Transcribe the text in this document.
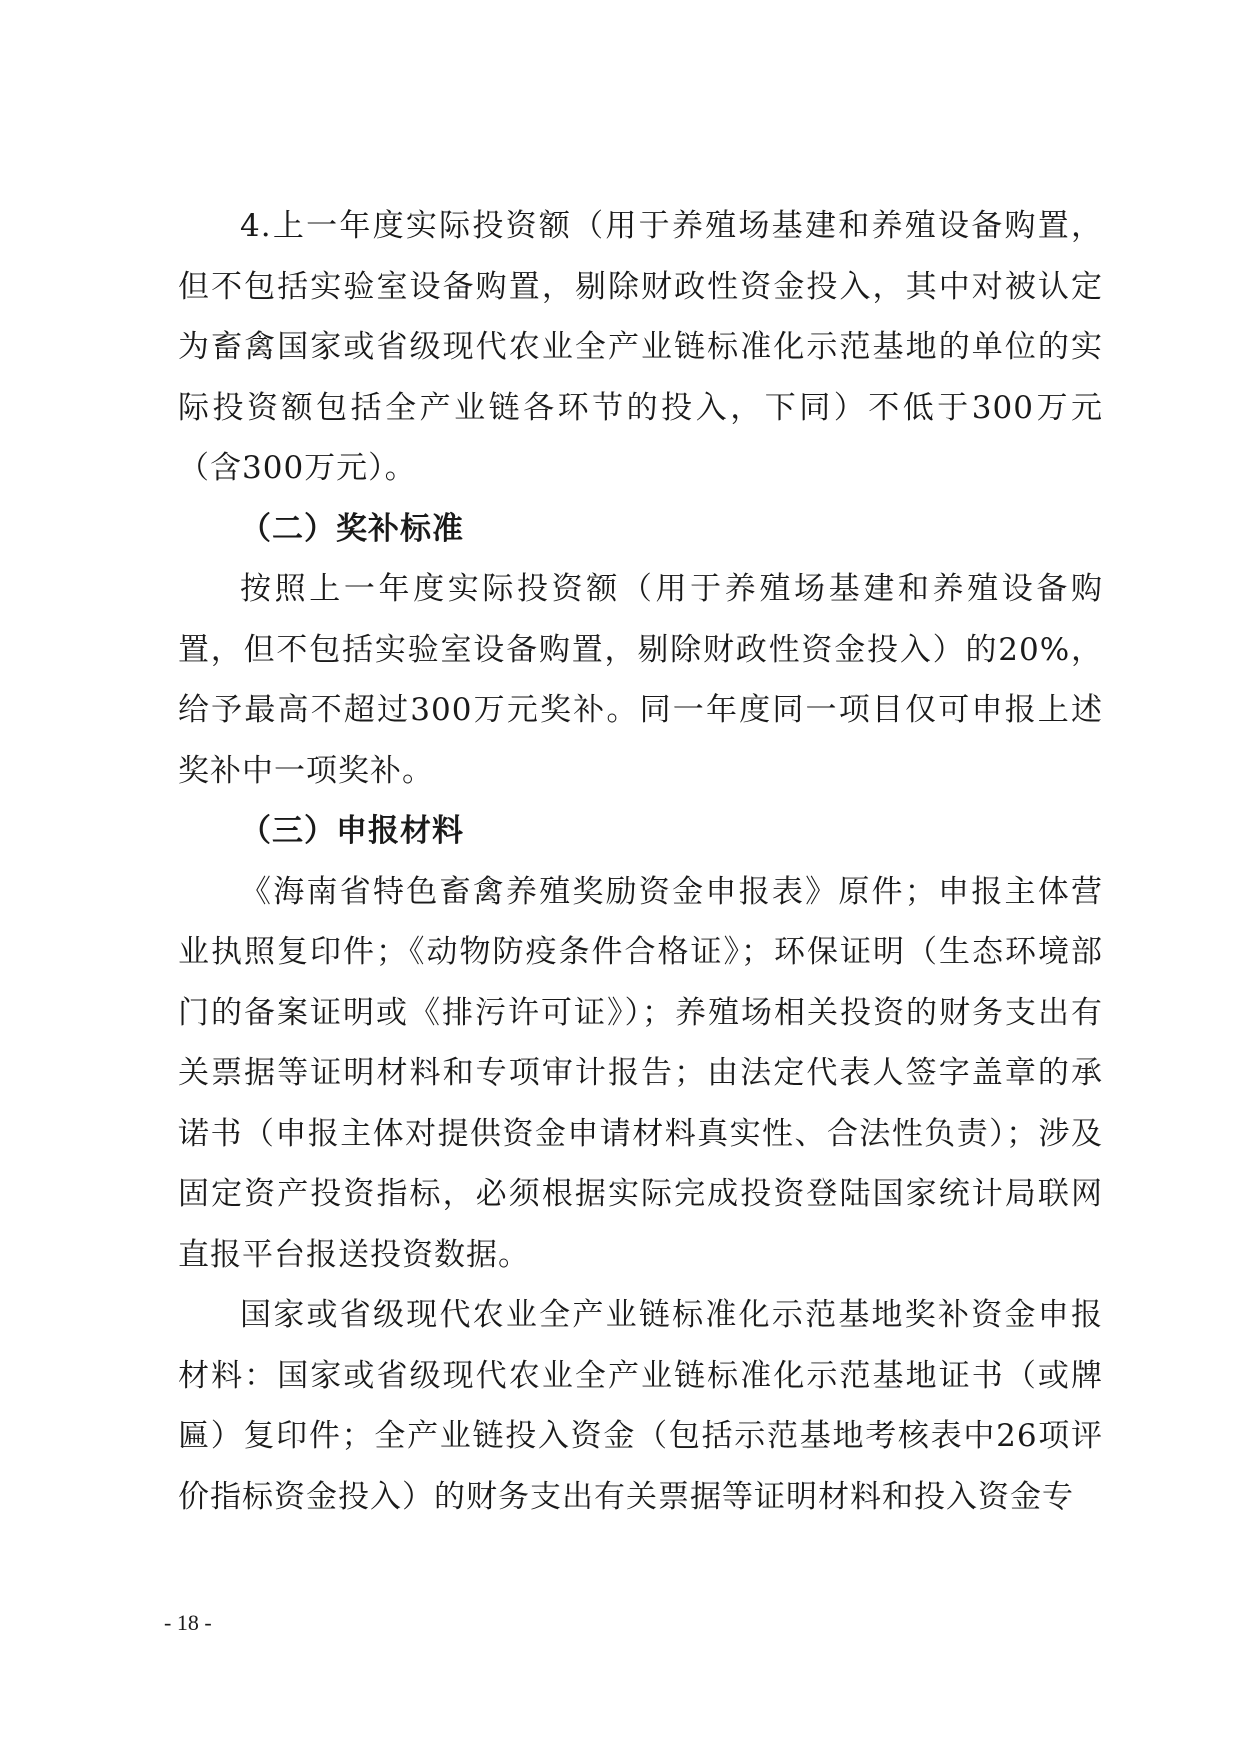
4.上一年度实际投资额（用于养殖场基建和养殖设备购置，但不包括实验室设备购置，剔除财政性资金投入，其中对被认定为畜禽国家或省级现代农业全产业链标准化示范基地的单位的实际投资额包括全产业链各环节的投入，下同）不低于300万元（含300万元）。

（二）奖补标准

按照上一年度实际投资额（用于养殖场基建和养殖设备购置，但不包括实验室设备购置，剔除财政性资金投入）的20%，给予最高不超过300万元奖补。同一年度同一项目仅可申报上述奖补中一项奖补。

（三）申报材料

《海南省特色畜禽养殖奖励资金申报表》原件；申报主体营业执照复印件；《动物防疫条件合格证》；环保证明（生态环境部门的备案证明或《排污许可证》）；养殖场相关投资的财务支出有关票据等证明材料和专项审计报告；由法定代表人签字盖章的承诺书（申报主体对提供资金申请材料真实性、合法性负责）；涉及固定资产投资指标，必须根据实际完成投资登陆国家统计局联网直报平台报送投资数据。

国家或省级现代农业全产业链标准化示范基地奖补资金申报材料：国家或省级现代农业全产业链标准化示范基地证书（或牌匾）复印件；全产业链投入资金（包括示范基地考核表中26项评价指标资金投入）的财务支出有关票据等证明材料和投入资金专

- 18 -
